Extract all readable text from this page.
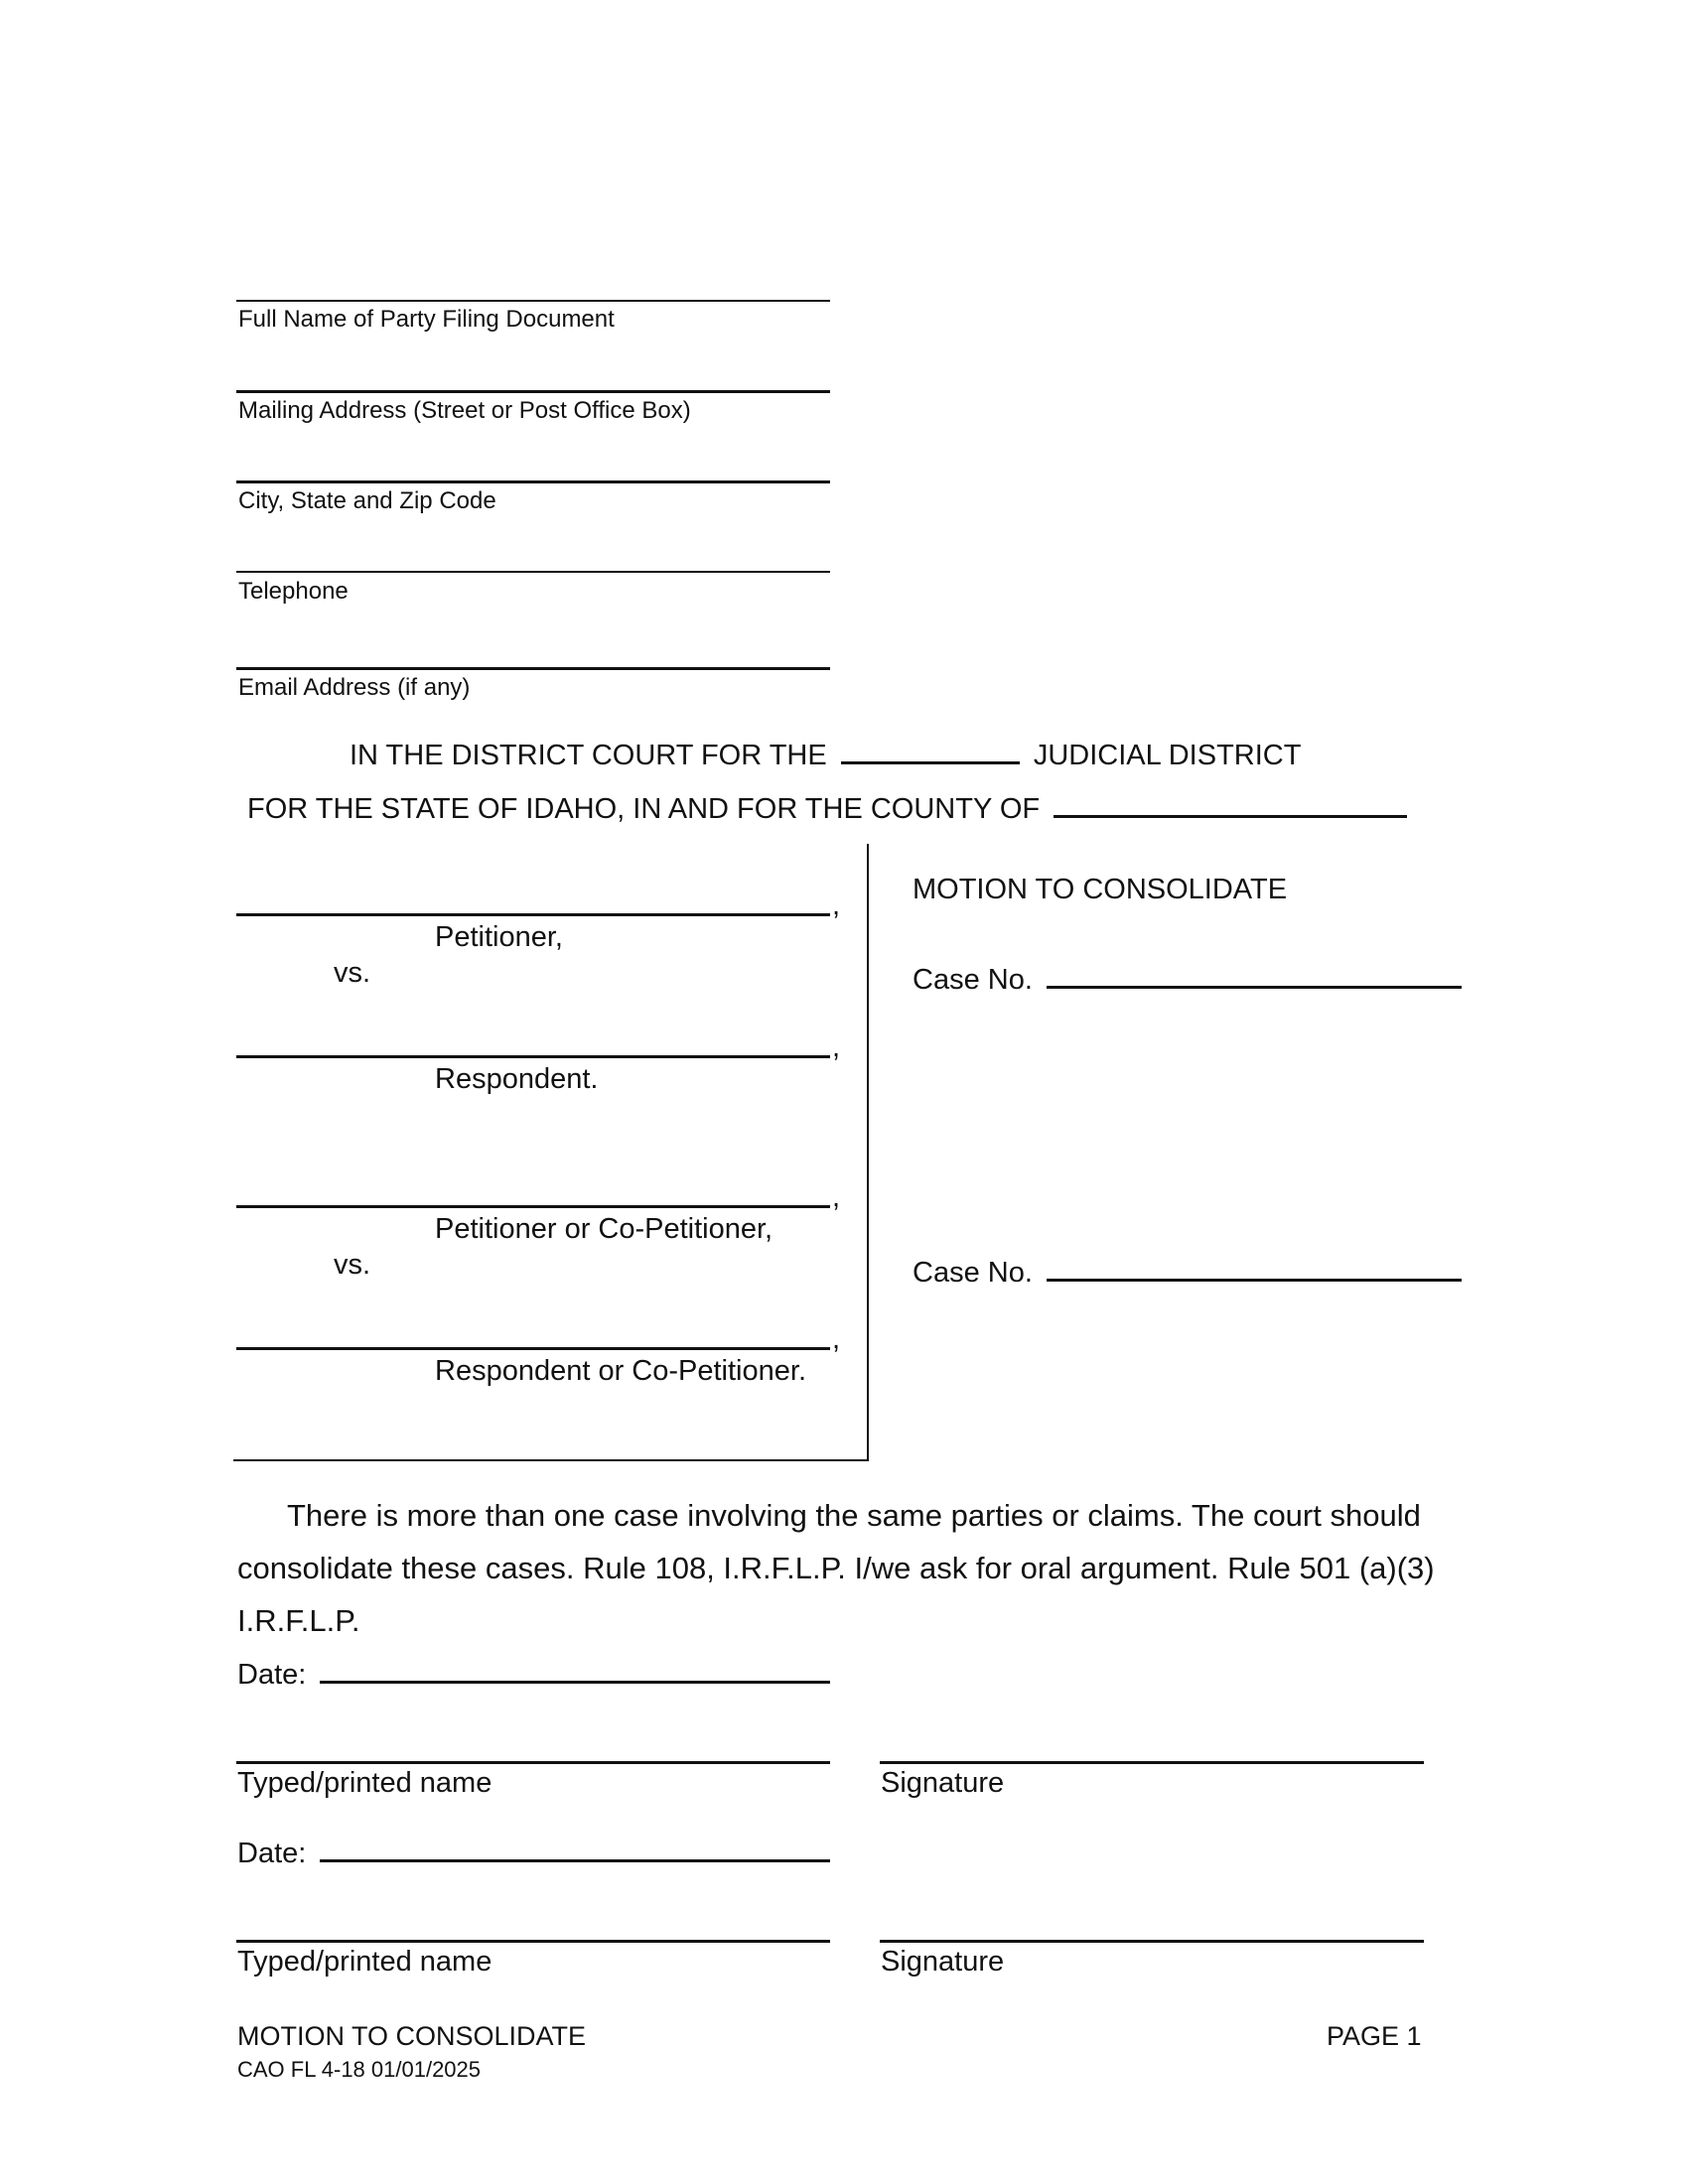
Full Name of Party Filing Document
Mailing Address (Street or Post Office Box)
City, State and Zip Code
Telephone
Email Address (if any)
IN THE DISTRICT COURT FOR THE	JUDICIAL DISTRICT
FOR THE STATE OF IDAHO, IN AND FOR THE COUNTY OF
,
Petitioner,
vs.
,
Respondent.
,
Petitioner or Co-Petitioner,
vs.
,
Respondent or Co-Petitioner.
MOTION TO CONSOLIDATE
Case No.
Case No.
There is more than one case involving the same parties or claims. The court should consolidate these cases. Rule 108, I.R.F.L.P. I/we ask for oral argument. Rule 501 (a)(3) I.R.F.L.P.
Date:
Typed/printed name	Signature
Date:
Typed/printed name	Signature
MOTION TO CONSOLIDATE
CAO FL 4-18 01/01/2025
PAGE 1
